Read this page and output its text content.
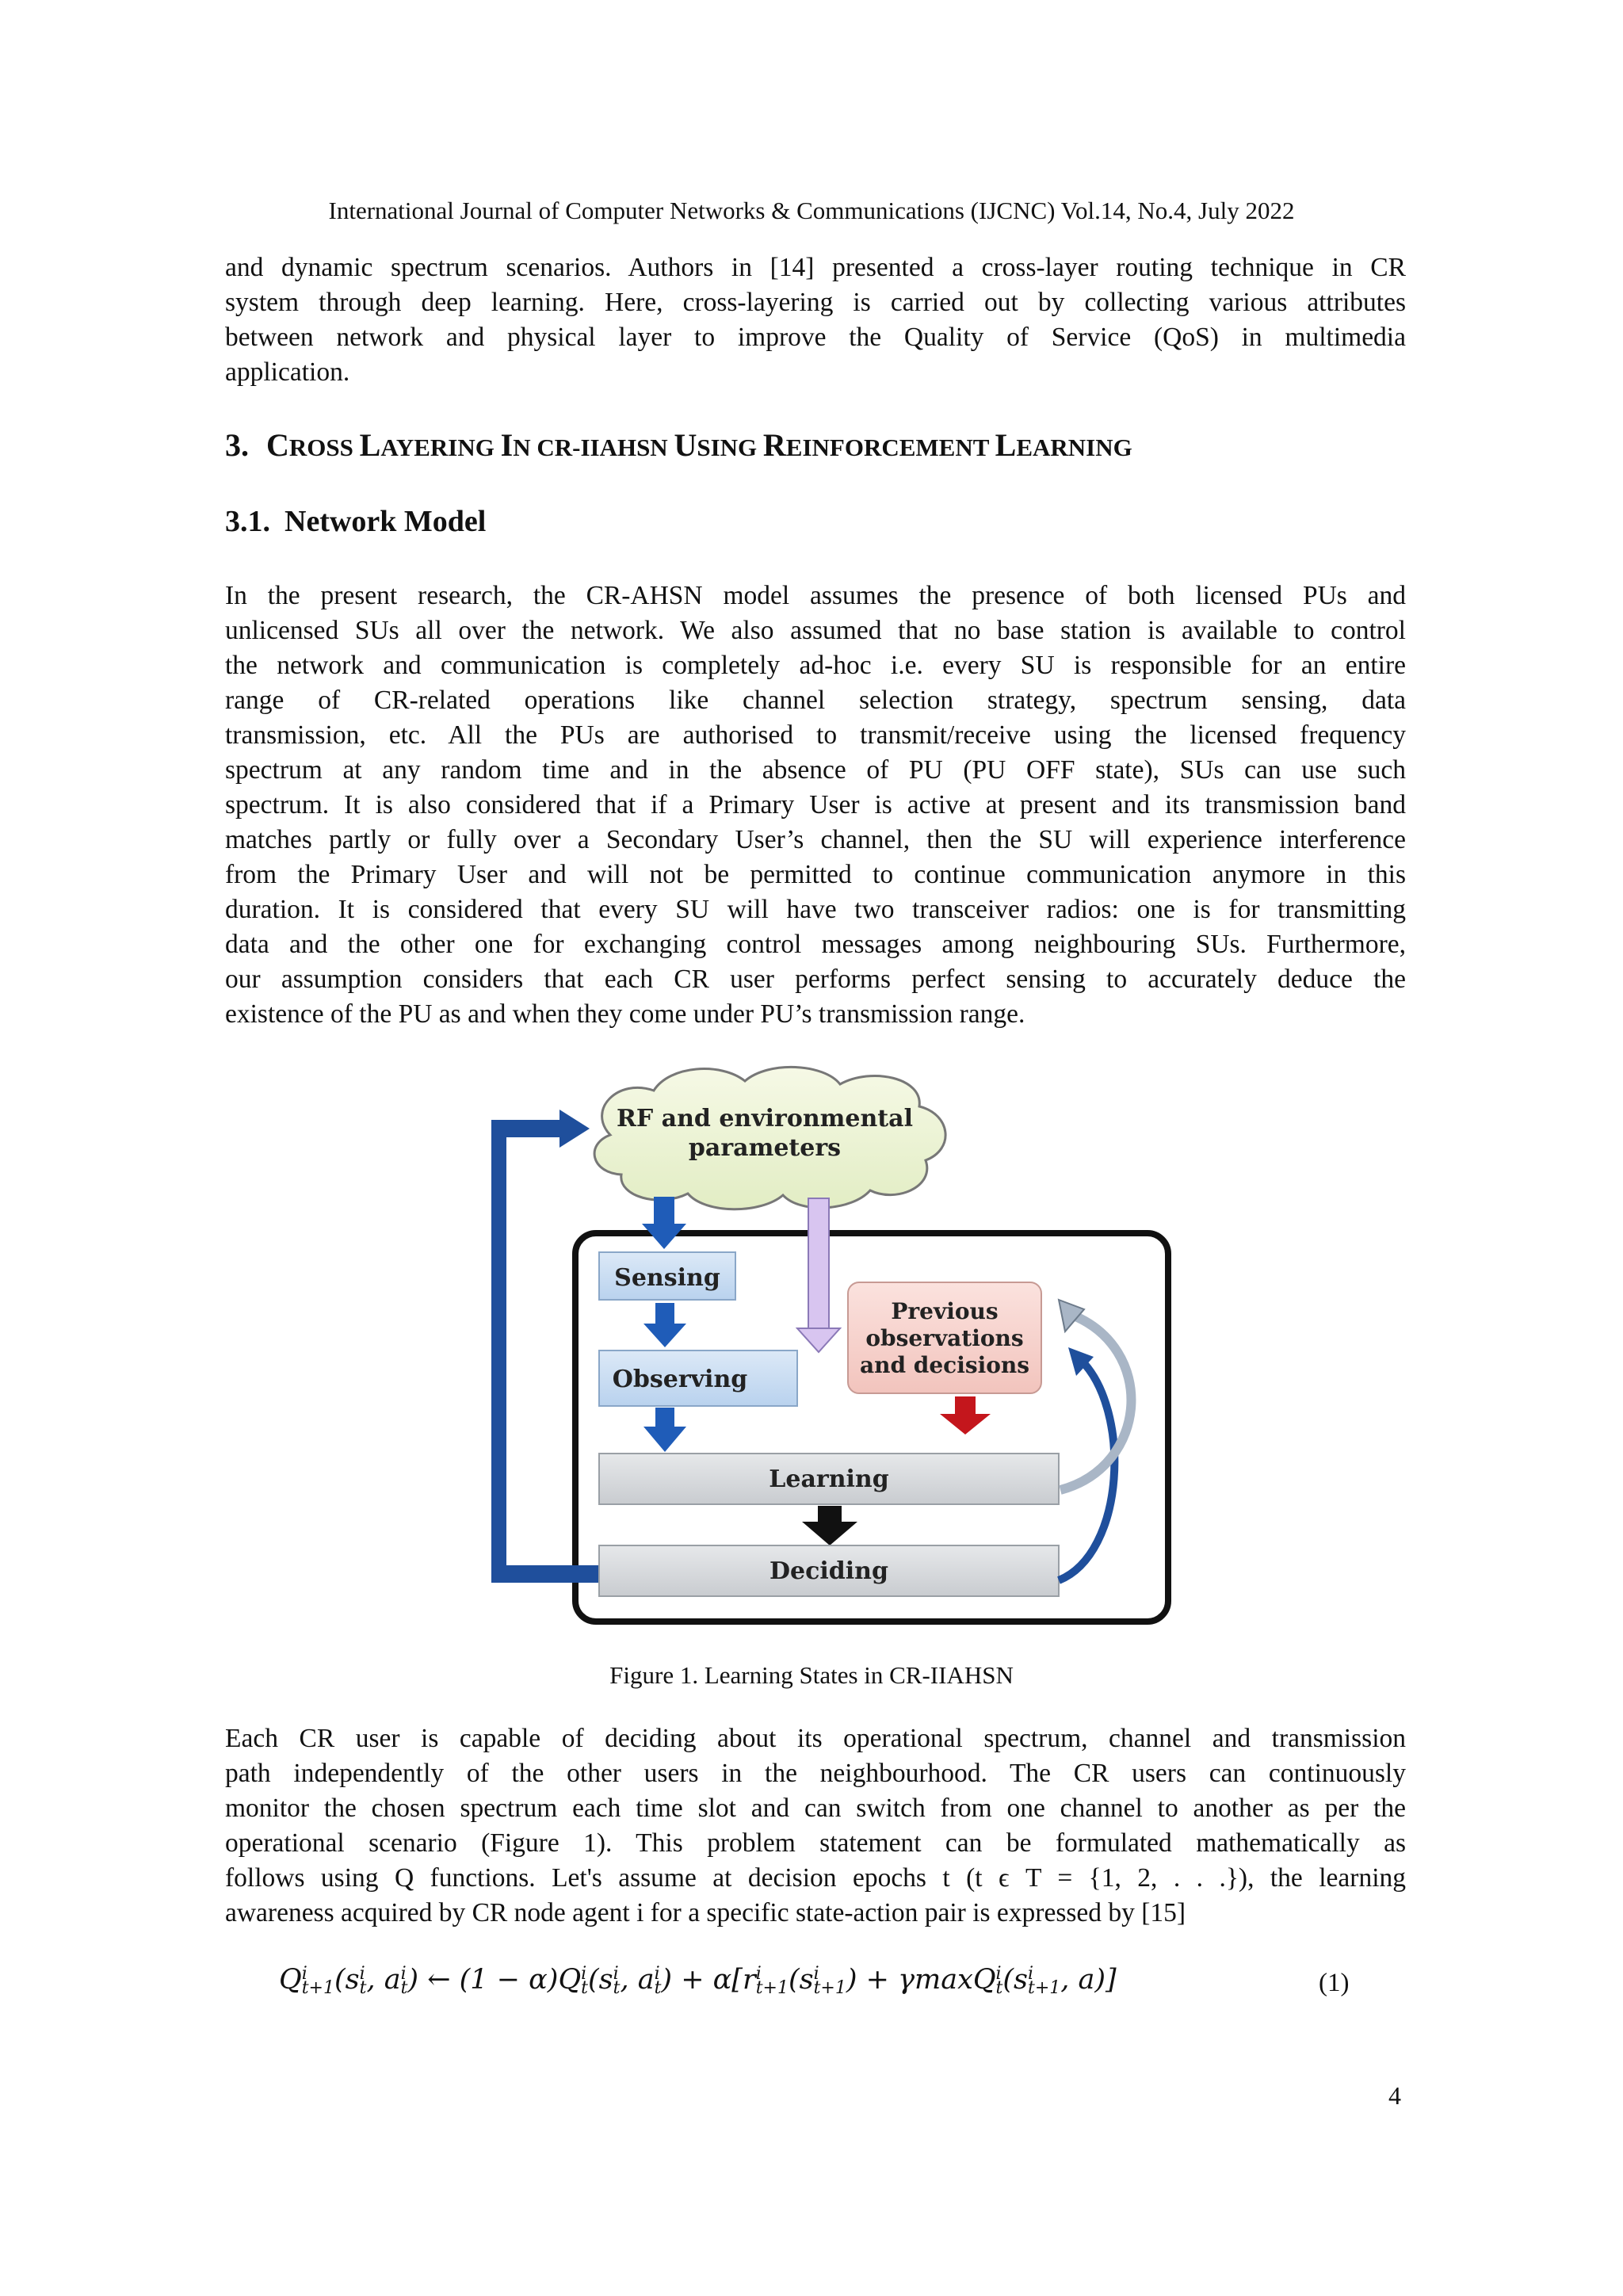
International Journal of Computer Networks & Communications (IJCNC) Vol.14, No.4, July 2022
and dynamic spectrum scenarios. Authors in [14] presented a cross-layer routing technique in CR
system through deep learning. Here, cross-layering is carried out by collecting various attributes
between network and physical layer to improve the Quality of Service (QoS) in multimedia
application.
3. CROSS LAYERING IN CR-IIAHSN USING REINFORCEMENT LEARNING
3.1. Network Model
In the present research, the CR-AHSN model assumes the presence of both licensed PUs and
unlicensed SUs all over the network. We also assumed that no base station is available to control
the network and communication is completely ad-hoc i.e. every SU is responsible for an entire
range of CR-related operations like channel selection strategy, spectrum sensing, data
transmission, etc. All the PUs are authorised to transmit/receive using the licensed frequency
spectrum at any random time and in the absence of PU (PU OFF state), SUs can use such
spectrum. It is also considered that if a Primary User is active at present and its transmission band
matches partly or fully over a Secondary User’s channel, then the SU will experience interference
from the Primary User and will not be permitted to continue communication anymore in this
duration. It is considered that every SU will have two transceiver radios: one is for transmitting
data and the other one for exchanging control messages among neighbouring SUs. Furthermore,
our assumption considers that each CR user performs perfect sensing to accurately deduce the
existence of the PU as and when they come under PU’s transmission range.
RF and environmental
parameters
Sensing
Observing
Previous
observations
and decisions
Learning
Deciding
Figure 1. Learning States in CR-IIAHSN
Each CR user is capable of deciding about its operational spectrum, channel and transmission
path independently of the other users in the neighbourhood. The CR users can continuously
monitor the chosen spectrum each time slot and can switch from one channel to another as per the
operational scenario (Figure 1). This problem statement can be formulated mathematically as
follows using Q functions. Let's assume at decision epochs t (t ϵ T = {1, 2, . . .}), the learning
awareness acquired by CR node agent i for a specific state-action pair is expressed by [15]
Q i
t+1 (s i
t , a i
t ) ← (1 − α)Q i
t (s i
t , a i
t ) + α[r i
t+1 (s i
t+1 ) + γmaxQ i
t (s i
t+1 , a)]	(1)
4
